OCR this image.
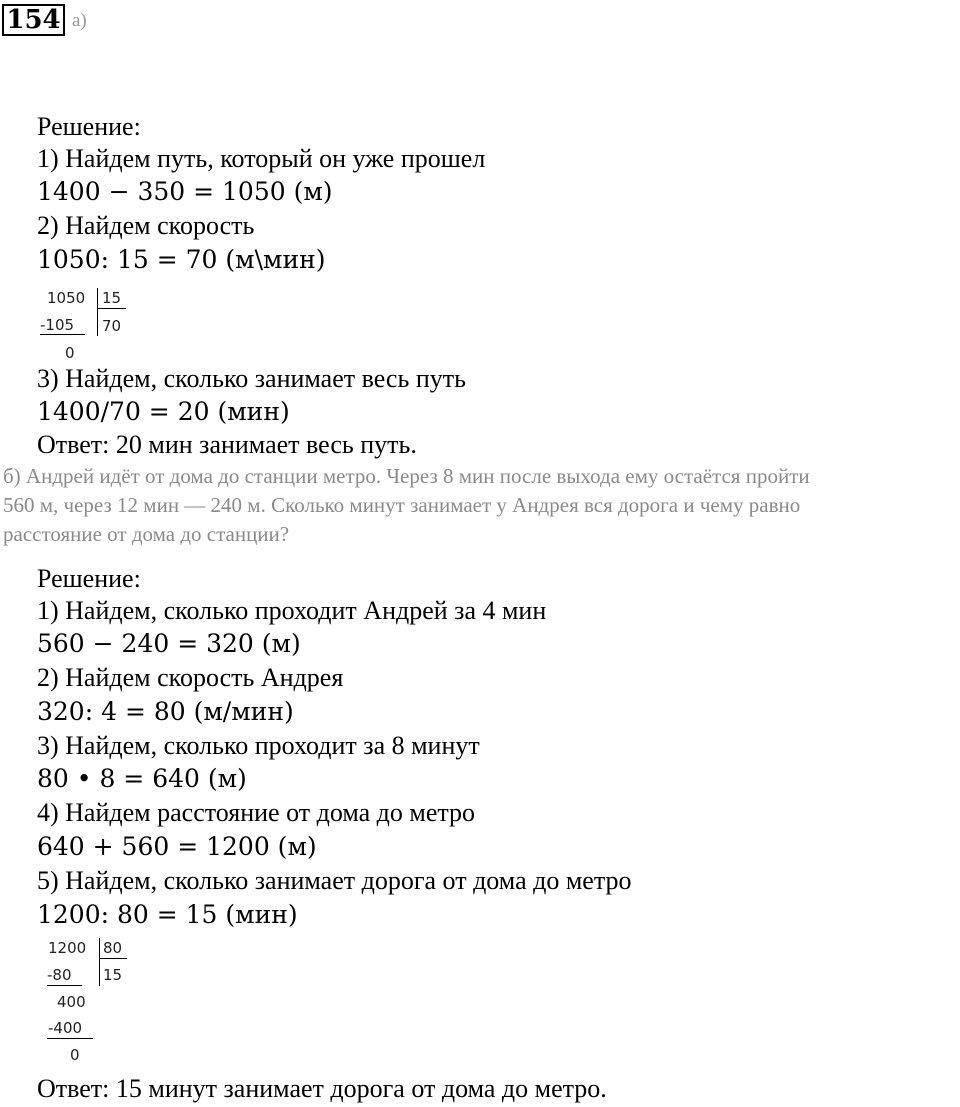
154 а)
Решение:
1) Найдем путь, который он уже прошел
1400 − 350 = 1050 (м)
2) Найдем скорость
1050: 15 = 70 (м\мин)
1050 15
-105 70
0
3) Найдем, сколько занимает весь путь
1400/70 = 20 (мин)
Ответ: 20 мин занимает весь путь.
б) Андрей идёт от дома до станции метро. Через 8 мин после выхода ему остаётся пройти
560 м, через 12 мин — 240 м. Сколько минут занимает у Андрея вся дорога и чему равно
расстояние от дома до станции?
Решение:
1) Найдем, сколько проходит Андрей за 4 мин
560 − 240 = 320 (м)
2) Найдем скорость Андрея
320: 4 = 80 (м/мин)
3) Найдем, сколько проходит за 8 минут
80 • 8 = 640 (м)
4) Найдем расстояние от дома до метро
640 + 560 = 1200 (м)
5) Найдем, сколько занимает дорога от дома до метро
1200: 80 = 15 (мин)
1200 80
-80 15
400
-400
0
Ответ: 15 минут занимает дорога от дома до метро.
